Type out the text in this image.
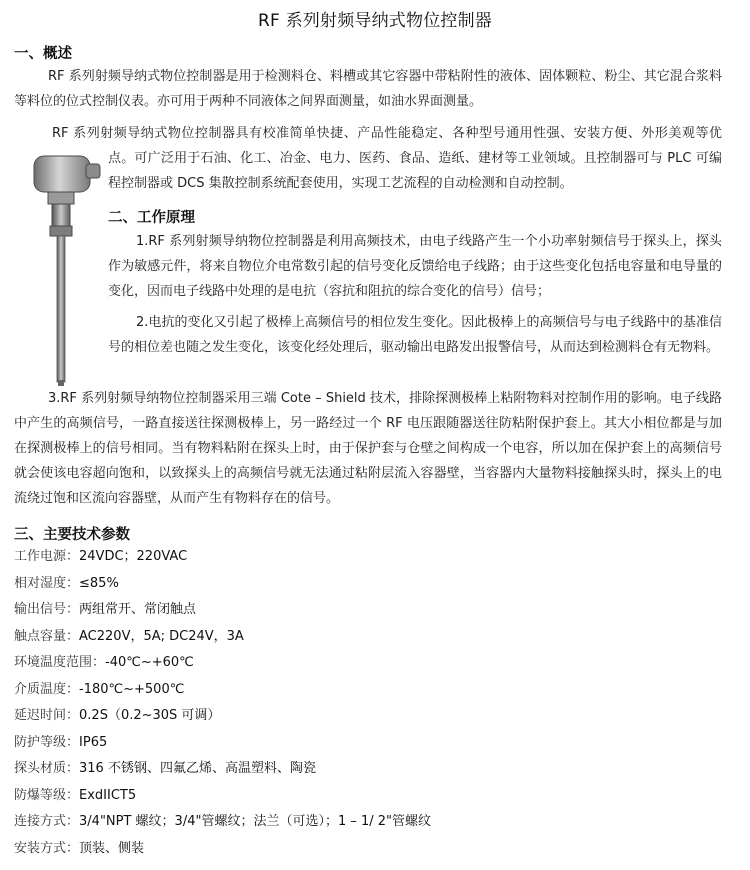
RF 系列射频导纳式物位控制器
一、概述

RF 系列射频导纳式物位控制器是用于检测料仓、料槽或其它容器中带粘附性的液体、固体颗粒、粉尘、其它混合浆料等料位的位式控制仪表。亦可用于两种不同液体之间界面测量，如油水界面测量。

RF 系列射频导纳式物位控制器具有校准简单快捷、产品性能稳定、各种型号通用性强、安装方便、外形美观等优点。可广泛用于石油、化工、冶金、电力、医药、食品、造纸、建材等工业领域。且控制器可与 PLC 可编程控制器或 DCS 集散控制系统配套使用，实现工艺流程的自动检测和自动控制。

二、工作原理

1.RF 系列射频导纳物位控制器是利用高频技术，由电子线路产生一个小功率射频信号于探头上，探头作为敏感元件，将来自物位介电常数引起的信号变化反馈给电子线路；由于这些变化包括电容量和电导量的变化，因而电子线路中处理的是电抗（容抗和阻抗的综合变化的信号）信号；

2.电抗的变化又引起了极棒上高频信号的相位发生变化。因此极棒上的高频信号与电子线路中的基准信号的相位差也随之发生变化，该变化经处理后，驱动输出电路发出报警信号，从而达到检测料仓有无物料。

3.RF 系列射频导纳物位控制器采用三端 Cote – Shield 技术，排除探测极棒上粘附物料对控制作用的影响。电子线路中产生的高频信号，一路直接送往探测极棒上，另一路经过一个 RF 电压跟随器送往防粘附保护套上。其大小相位都是与加在探测极棒上的信号相同。当有物料粘附在探头上时，由于保护套与仓壁之间构成一个电容，所以加在保护套上的高频信号就会使该电容超向饱和，以致探头上的高频信号就无法通过粘附层流入容器壁，当容器内大量物料接触探头时，探头上的电流绕过饱和区流向容器壁，从而产生有物料存在的信号。

三、主要技术参数
工作电源：24VDC；220VAC
相对湿度：≤85%
输出信号：两组常开、常闭触点
触点容量：AC220V，5A; DC24V，3A
环境温度范围：-40℃~+60℃
介质温度：-180℃~+500℃
延迟时间：0.2S（0.2~30S 可调）
防护等级：IP65
探头材质：316 不锈钢、四氟乙烯、高温塑料、陶瓷
防爆等级：ExdIICT5
连接方式：3/4"NPT 螺纹；3/4"管螺纹；法兰（可选）；1 – 1/ 2"管螺纹
安装方式：顶装、侧装
